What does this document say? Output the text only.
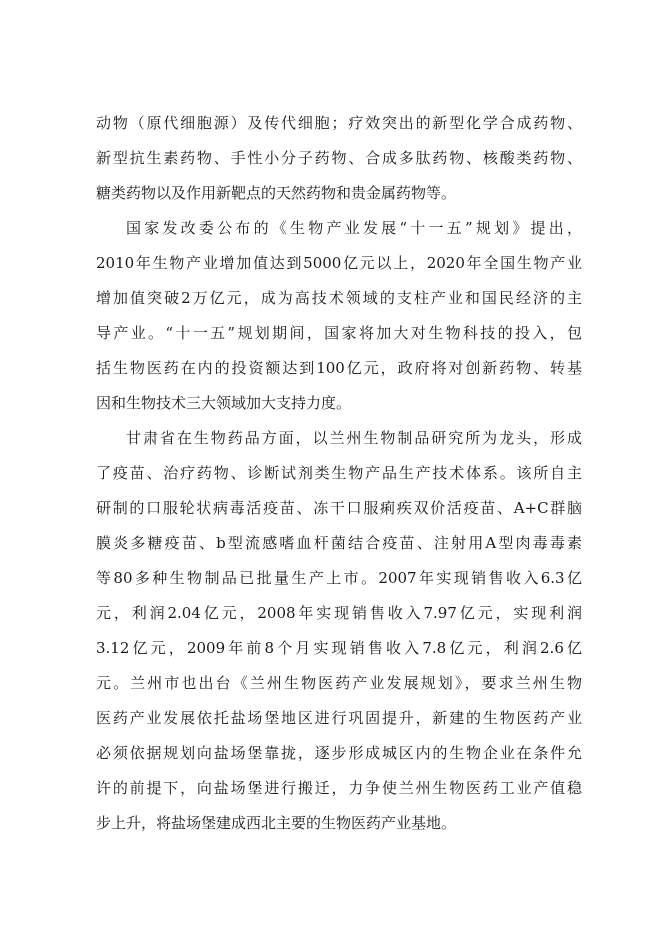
动物（原代细胞源）及传代细胞；疗效突出的新型化学合成药物、
新型抗生素药物、手性小分子药物、合成多肽药物、核酸类药物、
糖类药物以及作用新靶点的天然药物和贵金属药物等。
国家发改委公布的《生物产业发展“十一五”规划》提出，
2010年生物产业增加值达到5000亿元以上，2020年全国生物产业
增加值突破2万亿元，成为高技术领域的支柱产业和国民经济的主
导产业。“十一五”规划期间，国家将加大对生物科技的投入，包
括生物医药在内的投资额达到100亿元，政府将对创新药物、转基
因和生物技术三大领域加大支持力度。
甘肃省在生物药品方面，以兰州生物制品研究所为龙头，形成
了疫苗、治疗药物、诊断试剂类生物产品生产技术体系。该所自主
研制的口服轮状病毒活疫苗、冻干口服痢疾双价活疫苗、A+C群脑
膜炎多糖疫苗、b型流感嗜血杆菌结合疫苗、注射用A型肉毒毒素
等80多种生物制品已批量生产上市。2007年实现销售收入6.3亿
元，利润2.04亿元，2008年实现销售收入7.97亿元，实现利润
3.12亿元，2009年前8个月实现销售收入7.8亿元，利润2.6亿
元。兰州市也出台《兰州生物医药产业发展规划》，要求兰州生物
医药产业发展依托盐场堡地区进行巩固提升，新建的生物医药产业
必须依据规划向盐场堡靠拢，逐步形成城区内的生物企业在条件允
许的前提下，向盐场堡进行搬迁，力争使兰州生物医药工业产值稳
步上升，将盐场堡建成西北主要的生物医药产业基地。
